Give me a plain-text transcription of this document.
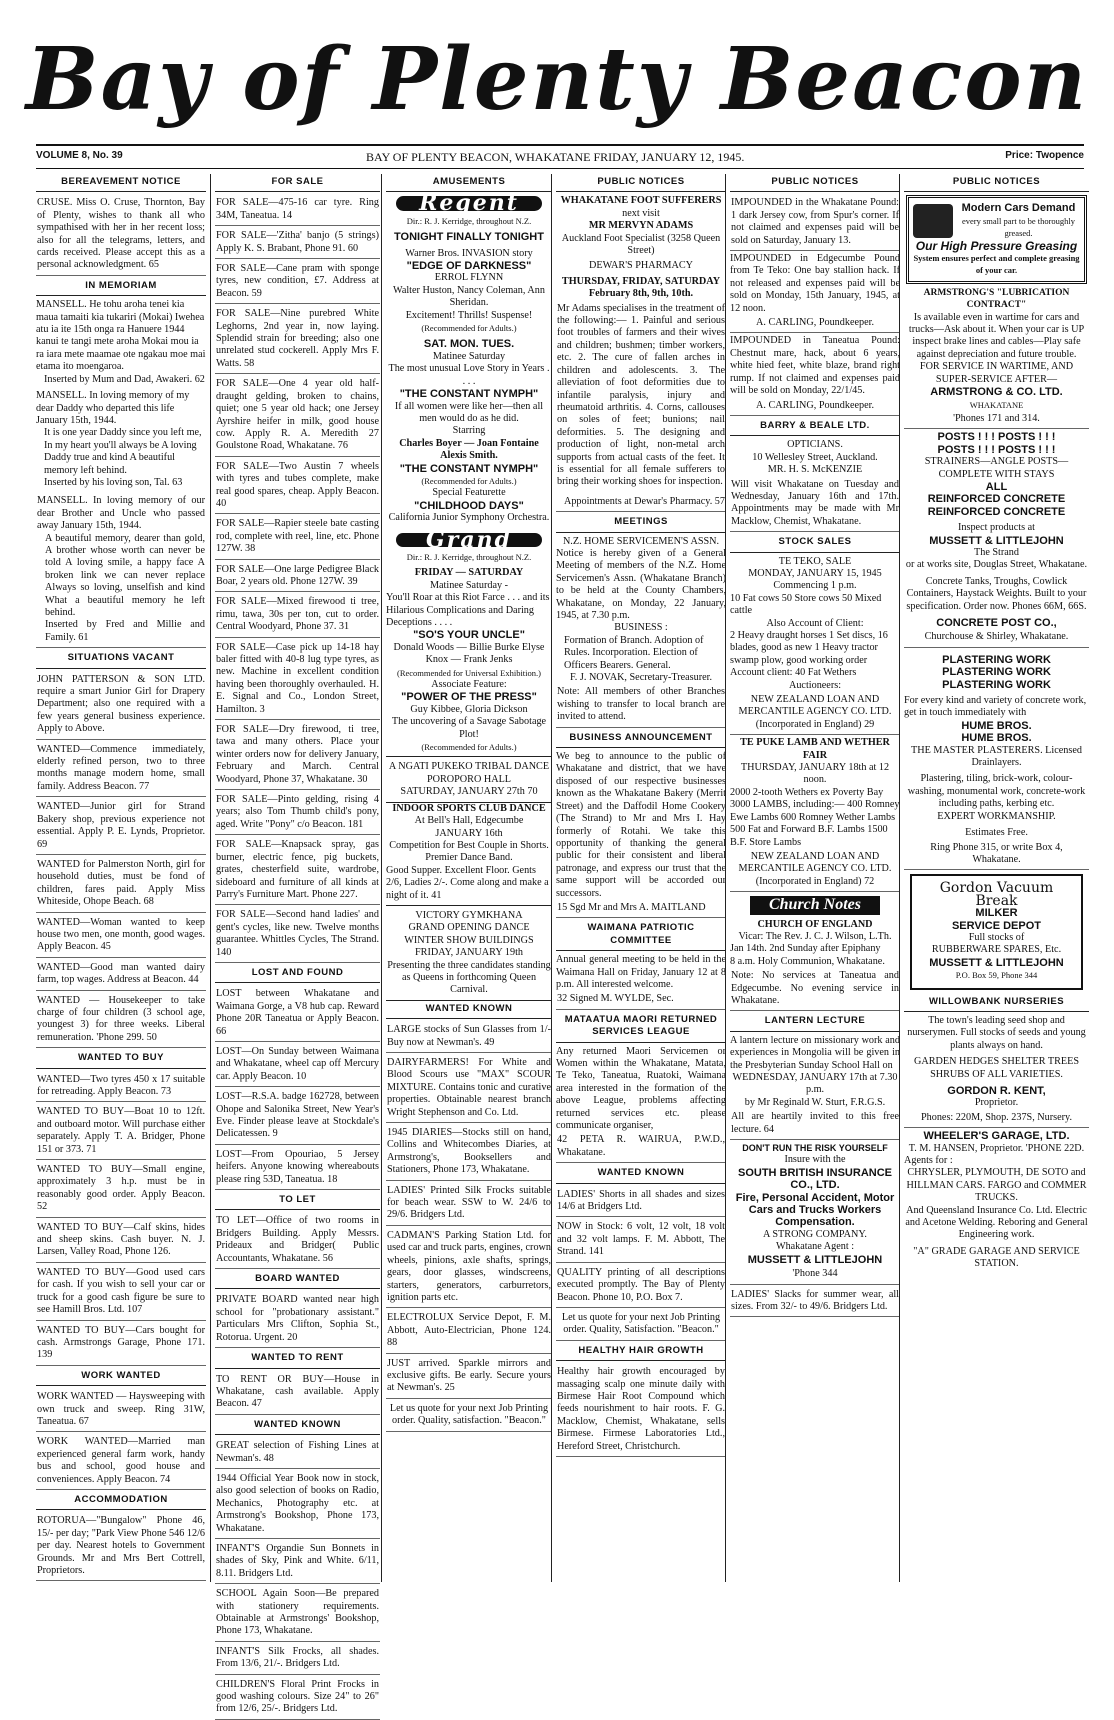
Bay of Plenty Beacon
VOLUME 8, No. 39	BAY OF PLENTY BEACON, WHAKATANE FRIDAY, JANUARY 12, 1945.	Price: Twopence
BEREAVEMENT NOTICE
CRUSE. Miss O. Cruse, Thornton, Bay of Plenty, wishes to thank all who sympathised with her in her recent loss; also for all the telegrams, letters, and cards received. Please accept this as a personal acknowledgment. 65
IN MEMORIAM
MANSELL. He tohu aroha tenei kia maua tamaiti kia tukariri (Mokai) Iwehea atu ia ite 15th onga ra Hanuere 1944 kanui te tangi mete aroha Mokai mou ia ra iara mete maamae ote ngakau moe mai etama ito moengaroa.
Inserted by Mum and Dad, Awakeri. 62
MANSELL. In loving memory of my dear Daddy who departed this life January 15th, 1944.
It is one year Daddy since you left me, In my heart you'll always be A loving Daddy true and kind A beautiful memory left behind.
Inserted by his loving son, Tal. 63
MANSELL. In loving memory of our dear Brother and Uncle who passed away January 15th, 1944.
A beautiful memory, dearer than gold, A brother whose worth can never be told A loving smile, a happy face A broken link we can never replace Always so loving, unselfish and kind What a beautiful memory he left behind.
Inserted by Fred and Millie and Family. 61
SITUATIONS VACANT
JOHN PATTERSON & SON LTD. require a smart Junior Girl for Drapery Department; also one required with a few years general business experience. Apply to Above.
WANTED—Commence immediately, elderly refined person, two to three months manage modern home, small family. Address Beacon. 77
WANTED—Junior girl for Strand Bakery shop, previous experience not essential. Apply P. E. Lynds, Proprietor. 69
WANTED for Palmerston North, girl for household duties, must be fond of children, fares paid. Apply Miss Whiteside, Ohope Beach. 68
WANTED—Woman wanted to keep house two men, one month, good wages. Apply Beacon. 45
WANTED—Good man wanted dairy farm, top wages. Address at Beacon. 44
WANTED — Housekeeper to take charge of four children (3 school age, youngest 3) for three weeks. Liberal remuneration. 'Phone 299. 50
WANTED TO BUY
WANTED—Two tyres 450 x 17 suitable for retreading. Apply Beacon. 73
WANTED TO BUY—Boat 10 to 12ft. and outboard motor. Will purchase either separately. Apply T. A. Bridger, Phone 151 or 373. 71
WANTED TO BUY—Small engine, approximately 3 h.p. must be in reasonably good order. Apply Beacon. 52
WANTED TO BUY—Calf skins, hides and sheep skins. Cash buyer. N. J. Larsen, Valley Road, Phone 126.
WANTED TO BUY—Good used cars for cash. If you wish to sell your car or truck for a good cash figure be sure to see Hamill Bros. Ltd. 107
WANTED TO BUY—Cars bought for cash. Armstrongs Garage, Phone 171. 139
WORK WANTED
WORK WANTED — Haysweeping with own truck and sweep. Ring 31W, Taneatua. 67
WORK WANTED—Married man experienced general farm work, handy bus and school, good house and conveniences. Apply Beacon. 74
ACCOMMODATION
ROTORUA—"Bungalow" Phone 46, 15/- per day; "Park View Phone 546 12/6 per day. Nearest hotels to Government Grounds. Mr and Mrs Bert Cottrell, Proprietors.
FOR SALE
FOR SALE—475-16 car tyre. Ring 34M, Taneatua. 14
FOR SALE—'Zitha' banjo (5 strings) Apply K. S. Brabant, Phone 91. 60
FOR SALE—Cane pram with sponge tyres, new condition, £7. Address at Beacon. 59
FOR SALE—Nine purebred White Leghorns, 2nd year in, now laying. Splendid strain for breeding; also one unrelated stud cockerell. Apply Mrs F. Watts. 58
FOR SALE—One 4 year old half-draught gelding, broken to chains, quiet; one 5 year old hack; one Jersey Ayrshire heifer in milk, good house cow. Apply R. A. Meredith 27 Goulstone Road, Whakatane. 76
FOR SALE—Two Austin 7 wheels with tyres and tubes complete, make real good spares, cheap. Apply Beacon. 40
FOR SALE—Rapier steele bate casting rod, complete with reel, line, etc. Phone 127W. 38
FOR SALE—One large Pedigree Black Boar, 2 years old. Phone 127W. 39
FOR SALE—Mixed firewood ti tree, rimu, tawa, 30s per ton, cut to order. Central Woodyard, Phone 37. 31
FOR SALE—Case pick up 14-18 hay baler fitted with 40-8 lug type tyres, as new. Machine in excellent condition having been thoroughly overhauled. H. E. Signal and Co., London Street, Hamilton. 3
FOR SALE—Dry firewood, ti tree, tawa and many others. Place your winter orders now for delivery January, February and March. Central Woodyard, Phone 37, Whakatane. 30
FOR SALE—Pinto gelding, rising 4 years; also Tom Thumb child's pony, aged. Write "Pony" c/o Beacon. 181
FOR SALE—Knapsack spray, gas burner, electric fence, pig buckets, grates, chesterfield suite, wardrobe, sideboard and furniture of all kinds at Parry's Furniture Mart. Phone 227.
FOR SALE—Second hand ladies' and gent's cycles, like new. Twelve months guarantee. Whittles Cycles, The Strand. 140
LOST AND FOUND
LOST between Whakatane and Waimana Gorge, a V8 hub cap. Reward Phone 20R Taneatua or Apply Beacon. 66
LOST—On Sunday between Waimana and Whakatane, wheel cap off Mercury car. Apply Beacon. 10
LOST—R.S.A. badge 162728, between Ohope and Salonika Street, New Year's Eve. Finder please leave at Stockdale's Delicatessen. 9
LOST—From Opouriao, 5 Jersey heifers. Anyone knowing whereabouts please ring 53D, Taneatua. 18
TO LET
TO LET—Office of two rooms in Bridgers Building. Apply Messrs. Prideaux and Bridger( Public Accountants, Whakatane. 56
BOARD WANTED
PRIVATE BOARD wanted near high school for "probationary assistant." Particulars Mrs Clifton, Sophia St., Rotorua. Urgent. 20
WANTED TO RENT
TO RENT OR BUY—House in Whakatane, cash available. Apply Beacon. 47
WANTED KNOWN
GREAT selection of Fishing Lines at Newman's. 48
1944 Official Year Book now in stock, also good selection of books on Radio, Mechanics, Photography etc. at Armstrong's Bookshop, Phone 173, Whakatane.
INFANT'S Organdie Sun Bonnets in shades of Sky, Pink and White. 6/11, 8.11. Bridgers Ltd.
SCHOOL Again Soon—Be prepared with stationery requirements. Obtainable at Armstrongs' Bookshop, Phone 173, Whakatane.
INFANT'S Silk Frocks, all shades. From 13/6, 21/-. Bridgers Ltd.
CHILDREN'S Floral Print Frocks in good washing colours. Size 24" to 26" from 12/6, 25/-. Bridgers Ltd.
AMUSEMENTS
Regent
Dir.: R. J. Kerridge, throughout N.Z.
TONIGHT FINALLY TONIGHT
Warner Bros. INVASION story
"EDGE OF DARKNESS"
ERROL FLYNN
Walter Huston, Nancy Coleman, Ann Sheridan.
Excitement! Thrills! Suspense!
(Recommended for Adults.)
SAT. MON. TUES.
Matinee Saturday
The most unusual Love Story in Years . . . .
"THE CONSTANT NYMPH"
If all women were like her—then all men would do as he did.
Starring
Charles Boyer — Joan Fontaine Alexis Smith.
"THE CONSTANT NYMPH"
(Recommended for Adults.)
Special Featurette
"CHILDHOOD DAYS"
California Junior Symphony Orchestra.
Grand
Dir.: R. J. Kerridge, throughout N.Z.
FRIDAY — SATURDAY
Matinee Saturday -
You'll Roar at this Riot Farce . . . and its Hilarious Complications and Daring Deceptions . . . .
"SO'S YOUR UNCLE"
Donald Woods — Billie Burke Elyse Knox — Frank Jenks
(Recommended for Universal Exhibition.)
Associate Feature:
"POWER OF THE PRESS"
Guy Kibbee, Gloria Dickson
The uncovering of a Savage Sabotage Plot!
(Recommended for Adults.)
A NGATI PUKEKO TRIBAL DANCE
POROPORO HALL
SATURDAY, JANUARY 27th 70
INDOOR SPORTS CLUB DANCE
At Bell's Hall, Edgecumbe
JANUARY 16th
Competition for Best Couple in Shorts.
Premier Dance Band.
Good Supper. Excellent Floor. Gents 2/6, Ladies 2/-. Come along and make a night of it. 41
VICTORY GYMKHANA
GRAND OPENING DANCE
WINTER SHOW BUILDINGS
FRIDAY, JANUARY 19th
Presenting the three candidates standing as Queens in forthcoming Queen Carnival.
WANTED KNOWN
LARGE stocks of Sun Glasses from 1/- Buy now at Newman's. 49
DAIRYFARMERS! For White and Blood Scours use "MAX" SCOUR MIXTURE. Contains tonic and curative properties. Obtainable nearest branch Wright Stephenson and Co. Ltd.
1945 DIARIES—Stocks still on hand, Collins and Whitecombes Diaries, at Armstrong's, Booksellers and Stationers, Phone 173, Whakatane.
LADIES' Printed Silk Frocks suitable for beach wear. SSW to W. 24/6 to 29/6. Bridgers Ltd.
CADMAN'S Parking Station Ltd. for used car and truck parts, engines, crown wheels, pinions, axle shafts, springs, gears, door glasses, windscreens, starters, generators, carburretors, ignition parts etc.
ELECTROLUX Service Depot, F. M. Abbott, Auto-Electrician, Phone 124. 88
JUST arrived. Sparkle mirrors and exclusive gifts. Be early. Secure yours at Newman's. 25
Let us quote for your next Job Printing order. Quality, satisfaction. "Beacon."
PUBLIC NOTICES
WHAKATANE FOOT SUFFERERS
next visit
MR MERVYN ADAMS
Auckland Foot Specialist (3258 Queen Street)
DEWAR'S PHARMACY
THURSDAY, FRIDAY, SATURDAY February 8th, 9th, 10th.
Mr Adams specialises in the treatment of the following:— 1. Painful and serious foot troubles of farmers and their wives and children; bushmen; timber workers, etc. 2. The cure of fallen arches in children and adolescents. 3. The alleviation of foot deformities due to infantile paralysis, injury and rheumatoid arthritis. 4. Corns, callouses on soles of feet; bunions; nail deformities. 5. The designing and production of light, non-metal arch supports from actual casts of the feet. It is essential for all female sufferers to bring their working shoes for inspection.
Appointments at Dewar's Pharmacy. 57
MEETINGS
N.Z. HOME SERVICEMEN'S ASSN.
Notice is hereby given of a General Meeting of members of the N.Z. Home Servicemen's Assn. (Whakatane Branch) to be held at the County Chambers, Whakatane, on Monday, 22 January, 1945, at 7.30 p.m.
BUSINESS :
Formation of Branch. Adoption of Rules. Incorporation. Election of Officers Bearers. General.
F. J. NOVAK, Secretary-Treasurer.
Note: All members of other Branches wishing to transfer to local branch are invited to attend.
BUSINESS ANNOUNCEMENT
We beg to announce to the public of Whakatane and district, that we have disposed of our respective businesses known as the Whakatane Bakery (Merrit Street) and the Daffodil Home Cookery (The Strand) to Mr and Mrs I. Hay formerly of Rotahi. We take this opportunity of thanking the general public for their consistent and liberal patronage, and express our trust that the same support will be accorded our successors.
15 Sgd Mr and Mrs A. MAITLAND
WAIMANA PATRIOTIC COMMITTEE
Annual general meeting to be held in the Waimana Hall on Friday, January 12 at 8 p.m. All interested welcome.
32 Signed M. WYLDE, Sec.
MATAATUA MAORI RETURNED SERVICES LEAGUE
Any returned Maori Servicemen or Women within the Whakatane, Matata, Te Teko, Taneatua, Ruatoki, Waimana area interested in the formation of the above League, problems affecting returned services etc. please communicate organiser,
42 PETA R. WAIRUA, P.W.D., Whakatane.
WANTED KNOWN
LADIES' Shorts in all shades and sizes 14/6 at Bridgers Ltd.
NOW in Stock: 6 volt, 12 volt, 18 volt and 32 volt lamps. F. M. Abbott, The Strand. 141
QUALITY printing of all descriptions executed promptly. The Bay of Plenty Beacon. Phone 10, P.O. Box 7.
Let us quote for your next Job Printing order. Quality, Satisfaction. "Beacon."
HEALTHY HAIR GROWTH
Healthy hair growth encouraged by massaging scalp one minute daily with Birmese Hair Root Compound which feeds nourishment to hair roots. F. G. Macklow, Chemist, Whakatane, sells Birmese. Firmese Laboratories Ltd., Hereford Street, Christchurch.
PUBLIC NOTICES
IMPOUNDED in the Whakatane Pound: 1 dark Jersey cow, from Spur's corner. If not claimed and expenses paid will be sold on Saturday, January 13.
IMPOUNDED in Edgecumbe Pound from Te Teko: One bay stallion hack. If not released and expenses paid will be sold on Monday, 15th January, 1945, at 12 noon.
A. CARLING, Poundkeeper.
IMPOUNDED in Taneatua Pound: Chestnut mare, hack, about 6 years, white hied feet, white blaze, brand right rump. If not claimed and expenses paid will be sold on Monday, 22/1/45.
A. CARLING, Poundkeeper.
BARRY & BEALE LTD.
OPTICIANS.
10 Wellesley Street, Auckland.
MR. H. S. McKENZIE
Will visit Whakatane on Tuesday and Wednesday, January 16th and 17th. Appointments may be made with Mr Macklow, Chemist, Whakatane.
STOCK SALES
TE TEKO, SALE
MONDAY, JANUARY 15, 1945 Commencing 1 p.m.
10 Fat cows 50 Store cows 50 Mixed cattle
Also Account of Client:
2 Heavy draught horses 1 Set discs, 16 blades, good as new 1 Heavy tractor swamp plow, good working order
Account client: 40 Fat Wethers
Auctioneers:
NEW ZEALAND LOAN AND MERCANTILE AGENCY CO. LTD. (Incorporated in England) 29
TE PUKE LAMB AND WETHER FAIR
THURSDAY, JANUARY 18th at 12 noon.
2000 2-tooth Wethers ex Poverty Bay 3000 LAMBS, including:— 400 Romney Ewe Lambs 600 Romney Wether Lambs 500 Fat and Forward B.F. Lambs 1500 B.F. Store Lambs
NEW ZEALAND LOAN AND MERCANTILE AGENCY CO. LTD. (Incorporated in England) 72
Church Notes
CHURCH OF ENGLAND
Vicar: The Rev. J. C. J. Wilson, L.Th.
Jan 14th. 2nd Sunday after Epiphany
8 a.m. Holy Communion, Whakatane.
Note: No services at Taneatua and Edgecumbe. No evening service in Whakatane.
LANTERN LECTURE
A lantern lecture on missionary work and experiences in Mongolia will be given in the Presbyterian Sunday School Hall on
WEDNESDAY, JANUARY 17th at 7.30 p.m.
by Mr Reginald W. Sturt, F.R.G.S.
All are heartily invited to this free lecture. 64
DON'T RUN THE RISK YOURSELF
Insure with the
SOUTH BRITISH INSURANCE CO., LTD.
Fire, Personal Accident, Motor Cars and Trucks Workers Compensation.
A STRONG COMPANY.
Whakatane Agent :
MUSSETT & LITTLEJOHN
'Phone 344
LADIES' Slacks for summer wear, all sizes. From 32/- to 49/6. Bridgers Ltd.
PUBLIC NOTICES
Modern Cars Demand
every small part to be thoroughly greased.
Our High Pressure Greasing
System ensures perfect and complete greasing of your car.
ARMSTRONG'S "LUBRICATION CONTRACT"
Is available even in wartime for cars and trucks—Ask about it. When your car is UP inspect brake lines and cables—Play safe against depreciation and future trouble.
FOR SERVICE IN WARTIME, AND SUPER-SERVICE AFTER—
ARMSTRONG & CO. LTD.
WHAKATANE
'Phones 171 and 314.
POSTS ! ! ! POSTS ! ! !
POSTS ! ! ! POSTS ! ! !
STRAINERS—ANGLE POSTS— COMPLETE WITH STAYS
ALL
REINFORCED CONCRETE
REINFORCED CONCRETE
Inspect products at
MUSSETT & LITTLEJOHN
The Strand
or at works site, Douglas Street, Whakatane.
Concrete Tanks, Troughs, Cowlick Containers, Haystack Weights. Built to your specification. Order now. Phones 66M, 66S.
CONCRETE POST CO.,
Churchouse & Shirley, Whakatane.
PLASTERING WORK
PLASTERING WORK
PLASTERING WORK
For every kind and variety of concrete work, get in touch immediately with
HUME BROS.
HUME BROS.
THE MASTER PLASTERERS. Licensed Drainlayers.
Plastering, tiling, brick-work, colour-washing, monumental work, concrete-work including paths, kerbing etc.
EXPERT WORKMANSHIP.
Estimates Free.
Ring Phone 315, or write Box 4, Whakatane.
Gordon Vacuum
Break
MILKER
SERVICE DEPOT
Full stocks of
RUBBERWARE SPARES, Etc.
MUSSETT & LITTLEJOHN
P.O. Box 59, Phone 344
WILLOWBANK NURSERIES
The town's leading seed shop and nurserymen. Full stocks of seeds and young plants always on hand.
GARDEN HEDGES SHELTER TREES SHRUBS OF ALL VARIETIES.
GORDON R. KENT,
Proprietor.
Phones: 220M, Shop. 237S, Nursery.
WHEELER'S GARAGE, LTD.
T. M. HANSEN, Proprietor. 'PHONE 22D.
Agents for :
CHRYSLER, PLYMOUTH, DE SOTO and HILLMAN CARS. FARGO and COMMER TRUCKS.
And Queensland Insurance Co. Ltd. Electric and Acetone Welding. Reboring and General Engineering work.
"A" GRADE GARAGE AND SERVICE STATION.
